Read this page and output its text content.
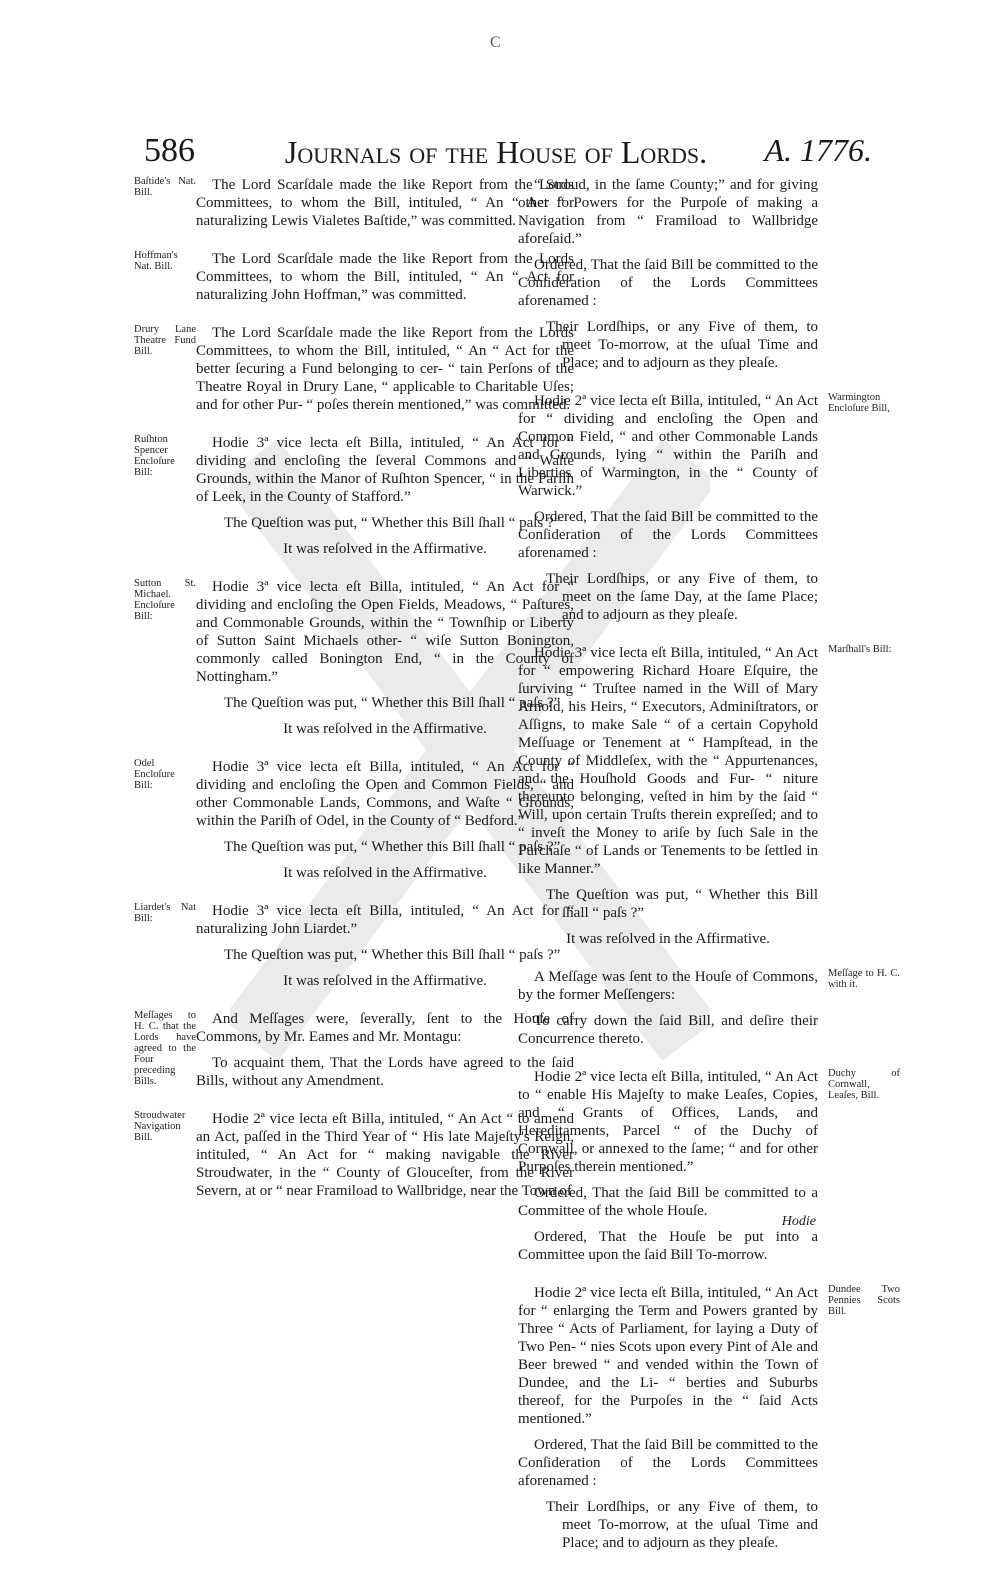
C
586	Journals of the House of Lords.	A. 1776.
Baſtide's Nat. Bill.	The Lord Scarſdale made the like Report from the Lords Committees, to whom the Bill, intituled, “ An “ Act for naturalizing Lewis Vialetes Baſtide,” was committed.

Hoffman's Nat. Bill.	The Lord Scarſdale made the like Report from the Lords Committees, to whom the Bill, intituled, “ An “ Act for naturalizing John Hoffman,” was committed.

Drury Lane Theatre Fund Bill.

The Lord Scarſdale made the like Report from the Lords Committees, to whom the Bill, intituled, “ An “ Act for the better ſecuring a Fund belonging to cer- “ tain Perſons of the Theatre Royal in Drury Lane, “ applicable to Charitable Uſes; and for other Pur- “ poſes therein mentioned,” was committed.

Ruſhton Spencer Encloſure Bill:

Hodie 3ª vice lecta eſt Billa, intituled, “ An Act for “ dividing and encloſing the ſeveral Commons and “ Waſte Grounds, within the Manor of Ruſhton Spencer, “ in the Pariſh of Leek, in the County of Stafford.”

The Queſtion was put, “ Whether this Bill ſhall “ paſs ?”

It was reſolved in the Affirmative.

Sutton St. Michael. Encloſure Bill:

Hodie 3ª vice lecta eſt Billa, intituled, “ An Act for “ dividing and encloſing the Open Fields, Meadows, “ Paſtures, and Commonable Grounds, within the “ Townſhip or Liberty of Sutton Saint Michaels other- “ wiſe Sutton Bonington, commonly called Bonington End, “ in the County of Nottingham.”

The Queſtion was put, “ Whether this Bill ſhall “ paſs ?”

It was reſolved in the Affirmative.

Odel Encloſure Bill:

Hodie 3ª vice lecta eſt Billa, intituled, “ An Act for “ dividing and encloſing the Open and Common Fields, “ and other Commonable Lands, Commons, and Waſte “ Grounds, within the Pariſh of Odel, in the County of “ Bedford.”

The Queſtion was put, “ Whether this Bill ſhall “ paſs ?”

It was reſolved in the Affirmative.

Liardet's Nat Bill:	Hodie 3ª vice lecta eſt Billa, intituled, “ An Act for “ naturalizing John Liardet.”

The Queſtion was put, “ Whether this Bill ſhall “ paſs ?”

It was reſolved in the Affirmative.

Meſſages to H. C. that the Lords have agreed to the Four preceding Bills.

And Meſſages were, ſeverally, ſent to the Houſe of Commons, by Mr. Eames and Mr. Montagu:

To acquaint them, That the Lords have agreed to the ſaid Bills, without any Amendment.

Stroudwater Navigation Bill.

Hodie 2ª vice lecta eſt Billa, intituled, “ An Act “ to amend an Act, paſſed in the Third Year of “ His late Majeſty's Reign, intituled, “ An Act for “ making navigable the River Stroudwater, in the “ County of Glouceſter, from the River Severn, at or “ near Framiload to Wallbridge, near the Town of

“ Stroud, in the ſame County;” and for giving other “ Powers for the Purpoſe of making a Navigation from “ Framiload to Wallbridge aforeſaid.”

Ordered, That the ſaid Bill be committed to the Conſideration of the Lords Committees aforenamed :

Their Lordſhips, or any Five of them, to meet To-morrow, at the uſual Time and Place; and to adjourn as they pleaſe.

Warmington Encloſure Bill,

Hodie 2ª vice lecta eſt Billa, intituled, “ An Act for “ dividing and encloſing the Open and Common Field, “ and other Commonable Lands and Grounds, lying “ within the Pariſh and Liberties of Warmington, in the “ County of Warwick.”

Ordered, That the ſaid Bill be committed to the Conſideration of the Lords Committees aforenamed :

Their Lordſhips, or any Five of them, to meet on the ſame Day, at the ſame Place; and to adjourn as they pleaſe.

Marſhall's Bill:

Hodie 3ª vice lecta eſt Billa, intituled, “ An Act for “ empowering Richard Hoare Eſquire, the ſurviving “ Truſtee named in the Will of Mary Arnold, his Heirs, “ Executors, Adminiſtrators, or Aſſigns, to make Sale “ of a certain Copyhold Meſſuage or Tenement at “ Hampſtead, in the County of Middleſex, with the “ Appurtenances, and the Houſhold Goods and Fur- “ niture thereunto belonging, veſted in him by the ſaid “ Will, upon certain Truſts therein expreſſed; and to “ inveſt the Money to ariſe by ſuch Sale in the Purchaſe “ of Lands or Tenements to be ſettled in like Manner.”

The Queſtion was put, “ Whether this Bill ſhall “ paſs ?”

It was reſolved in the Affirmative.

Meſſage to H. C. with it.

A Meſſage was ſent to the Houſe of Commons, by the former Meſſengers:

To carry down the ſaid Bill, and deſire their Concurrence thereto.

Duchy of Cornwall, Leaſes, Bill.

Hodie 2ª vice lecta eſt Billa, intituled, “ An Act to “ enable His Majeſty to make Leaſes, Copies, and “ Grants of Offices, Lands, and Hereditaments, Parcel “ of the Duchy of Cornwall, or annexed to the ſame; “ and for other Purpoſes therein mentioned.”

Ordered, That the ſaid Bill be committed to a Committee of the whole Houſe.

Ordered, That the Houſe be put into a Committee upon the ſaid Bill To-morrow.

Dundee Two Pennies Scots Bill.

Hodie 2ª vice lecta eſt Billa, intituled, “ An Act for “ enlarging the Term and Powers granted by Three “ Acts of Parliament, for laying a Duty of Two Pen- “ nies Scots upon every Pint of Ale and Beer brewed “ and vended within the Town of Dundee, and the Li- “ berties and Suburbs thereof, for the Purpoſes in the “ ſaid Acts mentioned.”

Ordered, That the ſaid Bill be committed to the Conſideration of the Lords Committees aforenamed :

Their Lordſhips, or any Five of them, to meet To-morrow, at the uſual Time and Place; and to adjourn as they pleaſe.

Hodie
